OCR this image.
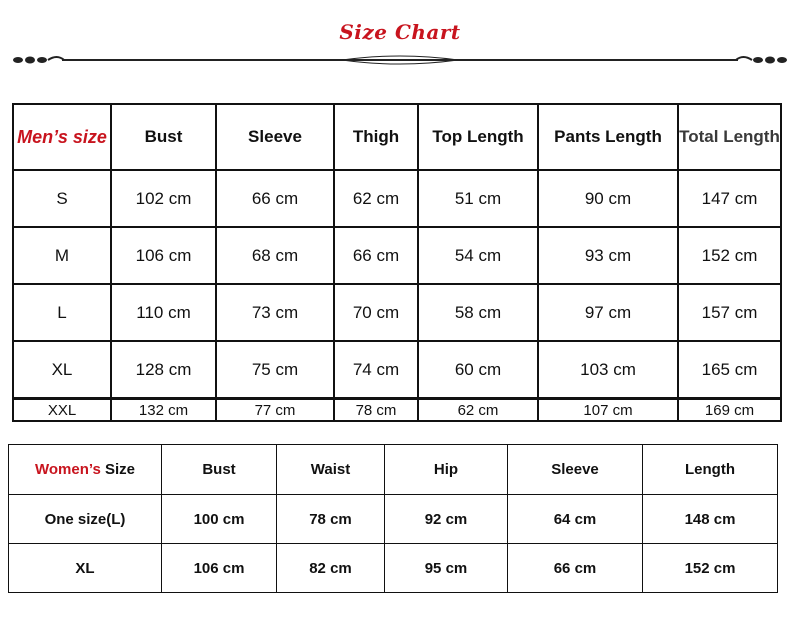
Size Chart
Men’s size	Bust	Sleeve	Thigh	Top Length	Pants Length	Total Length
S	102 cm	66 cm	62 cm	51 cm	90 cm	147 cm
M	106 cm	68 cm	66 cm	54 cm	93 cm	152 cm
L	110 cm	73 cm	70 cm	58 cm	97 cm	157 cm
XL	128 cm	75 cm	74 cm	60 cm	103 cm	165 cm
XXL	132 cm	77 cm	78 cm	62 cm	107 cm	169 cm
Women’s Size	Bust	Waist	Hip	Sleeve	Length
One size(L)	100 cm	78 cm	92 cm	64 cm	148 cm
XL	106 cm	82 cm	95 cm	66 cm	152 cm
